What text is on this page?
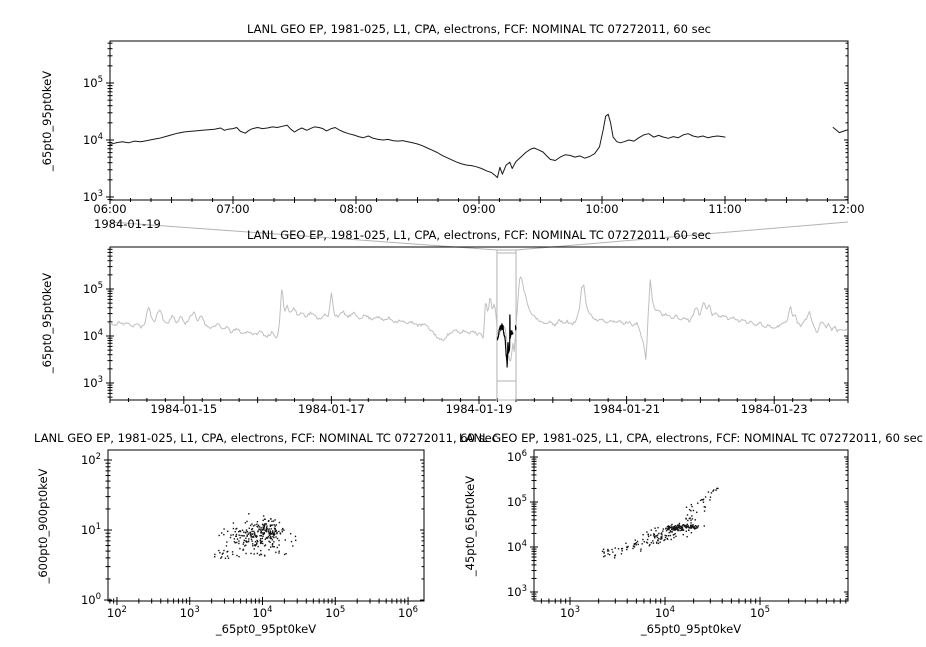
06:00	07:00	08:00	09:00	10:00	11:00	12:00
$10^3$
$10^4$
$10^5$
1984-01-15	1984-01-17	1984-01-19	1984-01-21	1984-01-23
$10^3$
$10^4$
$10^5$
$10^2$	$10^3$	$10^4$	$10^5$	$10^6$
$10^0$
$10^1$
$10^2$
$10^3$	$10^4$	$10^5$
$10^3$
$10^4$
$10^5$
$10^6$
LANL GEO EP, 1981-025, L1, CPA, electrons, FCF: NOMINAL TC 07272011, 60 sec
LANL GEO EP, 1981-025, L1, CPA, electrons, FCF: NOMINAL TC 07272011, 60 sec
LANL GEO EP, 1981-025, L1, CPA, electrons, FCF: NOMINAL TC 07272011, 60 sec
LANL GEO EP, 1981-025, L1, CPA, electrons, FCF: NOMINAL TC 07272011, 60 sec
_65pt0_95pt0keV
_65pt0_95pt0keV
_600pt0_900pt0keV	_45pt0_65pt0keV
_65pt0_95pt0keV	_65pt0_95pt0keV
1984-01-19
